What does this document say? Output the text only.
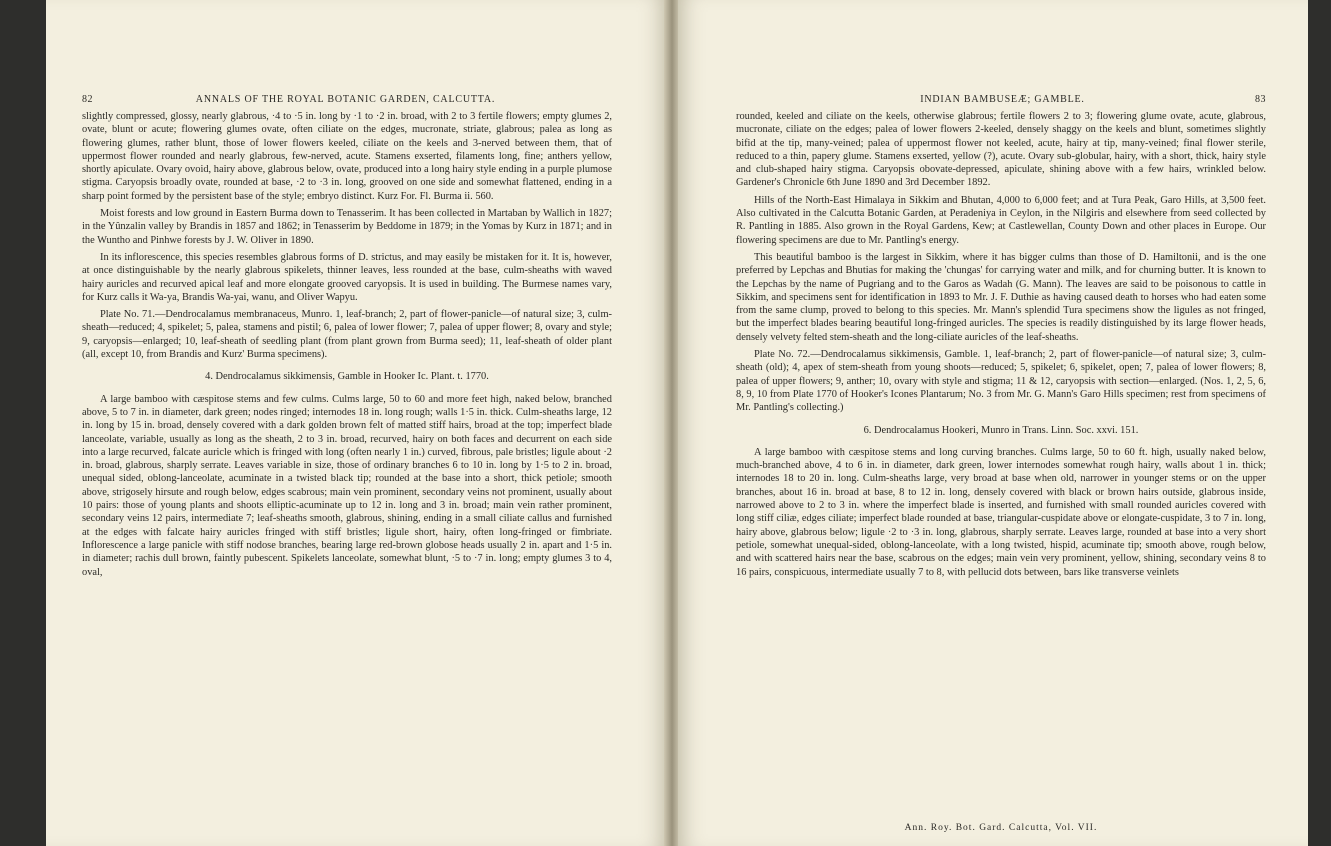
82	ANNALS OF THE ROYAL BOTANIC GARDEN, CALCUTTA.

slightly compressed, glossy, nearly glabrous, ·4 to ·5 in. long by ·1 to ·2 in. broad, with 2 to 3 fertile flowers; empty glumes 2, ovate, blunt or acute; flowering glumes ovate, often ciliate on the edges, mucronate, striate, glabrous; palea as long as flowering glumes, rather blunt, those of lower flowers keeled, ciliate on the keels and 3-nerved between them, that of uppermost flower rounded and nearly glabrous, few-nerved, acute. Stamens exserted, filaments long, fine; anthers yellow, shortly apiculate. Ovary ovoid, hairy above, glabrous below, ovate, produced into a long hairy style ending in a purple plumose stigma. Caryopsis broadly ovate, rounded at base, ·2 to ·3 in. long, grooved on one side and somewhat flattened, ending in a sharp point formed by the persistent base of the style; embryo distinct. Kurz For. Fl. Burma ii. 560.

Moist forests and low ground in Eastern Burma down to Tenasserim. It has been collected in Martaban by Wallich in 1827; in the Yûnzalin valley by Brandis in 1857 and 1862; in Tenasserim by Beddome in 1879; in the Yomas by Kurz in 1871; and in the Wuntho and Pinhwe forests by J. W. Oliver in 1890.

In its inflorescence, this species resembles glabrous forms of D. strictus, and may easily be mistaken for it. It is, however, at once distinguishable by the nearly glabrous spikelets, thinner leaves, less rounded at the base, culm-sheaths with waved hairy auricles and recurved apical leaf and more elongate grooved caryopsis. It is used in building. The Burmese names vary, for Kurz calls it Wa-ya, Brandis Wa-yai, wanu, and Oliver Wapyu.

Plate No. 71.—Dendrocalamus membranaceus, Munro. 1, leaf-branch; 2, part of flower-panicle—of natural size; 3, culm-sheath—reduced; 4, spikelet; 5, palea, stamens and pistil; 6, palea of lower flower; 7, palea of upper flower; 8, ovary and style; 9, caryopsis—enlarged; 10, leaf-sheath of seedling plant (from plant grown from Burma seed); 11, leaf-sheath of older plant (all, except 10, from Brandis and Kurz' Burma specimens).

4. Dendrocalamus sikkimensis, Gamble in Hooker Ic. Plant. t. 1770.

A large bamboo with cæspitose stems and few culms. Culms large, 50 to 60 and more feet high, naked below, branched above, 5 to 7 in. in diameter, dark green; nodes ringed; internodes 18 in. long rough; walls 1·5 in. thick. Culm-sheaths large, 12 in. long by 15 in. broad, densely covered with a dark golden brown felt of matted stiff hairs, broad at the top; imperfect blade lanceolate, variable, usually as long as the sheath, 2 to 3 in. broad, recurved, hairy on both faces and decurrent on each side into a large recurved, falcate auricle which is fringed with long (often nearly 1 in.) curved, fibrous, pale bristles; ligule about ·2 in. broad, glabrous, sharply serrate. Leaves variable in size, those of ordinary branches 6 to 10 in. long by 1·5 to 2 in. broad, unequal sided, oblong-lanceolate, acuminate in a twisted black tip; rounded at the base into a short, thick petiole; smooth above, strigosely hirsute and rough below, edges scabrous; main vein prominent, secondary veins not prominent, usually about 10 pairs: those of young plants and shoots elliptic-acuminate up to 12 in. long and 3 in. broad; main vein rather prominent, secondary veins 12 pairs, intermediate 7; leaf-sheaths smooth, glabrous, shining, ending in a small ciliate callus and furnished at the edges with falcate hairy auricles fringed with stiff bristles; ligule short, hairy, often long-fringed or fimbriate. Inflorescence a large panicle with stiff nodose branches, bearing large red-brown globose heads usually 2 in. apart and 1·5 in. in diameter; rachis dull brown, faintly pubescent. Spikelets lanceolate, somewhat blunt, ·5 to ·7 in. long; empty glumes 3 to 4, oval,

INDIAN BAMBUSEÆ; GAMBLE.	83

rounded, keeled and ciliate on the keels, otherwise glabrous; fertile flowers 2 to 3; flowering glume ovate, acute, glabrous, mucronate, ciliate on the edges; palea of lower flowers 2-keeled, densely shaggy on the keels and blunt, sometimes slightly bifid at the tip, many-veined; palea of uppermost flower not keeled, acute, hairy at tip, many-veined; final flower sterile, reduced to a thin, papery glume. Stamens exserted, yellow (?), acute. Ovary sub-globular, hairy, with a short, thick, hairy style and club-shaped hairy stigma. Caryopsis obovate-depressed, apiculate, shining above with a few hairs, wrinkled below. Gardener's Chronicle 6th June 1890 and 3rd December 1892.

Hills of the North-East Himalaya in Sikkim and Bhutan, 4,000 to 6,000 feet; and at Tura Peak, Garo Hills, at 3,500 feet. Also cultivated in the Calcutta Botanic Garden, at Peradeniya in Ceylon, in the Nilgiris and elsewhere from seed collected by R. Pantling in 1885. Also grown in the Royal Gardens, Kew; at Castlewellan, County Down and other places in Europe. Our flowering specimens are due to Mr. Pantling's energy.

This beautiful bamboo is the largest in Sikkim, where it has bigger culms than those of D. Hamiltonii, and is the one preferred by Lepchas and Bhutias for making the 'chungas' for carrying water and milk, and for churning butter. It is known to the Lepchas by the name of Pugriang and to the Garos as Wadah (G. Mann). The leaves are said to be poisonous to cattle in Sikkim, and specimens sent for identification in 1893 to Mr. J. F. Duthie as having caused death to horses who had eaten some from the same clump, proved to belong to this species. Mr. Mann's splendid Tura specimens show the ligules as not fringed, but the imperfect blades bearing beautiful long-fringed auricles. The species is readily distinguished by its large flower heads, densely velvety felted stem-sheath and the long-ciliate auricles of the leaf-sheaths.

Plate No. 72.—Dendrocalamus sikkimensis, Gamble. 1, leaf-branch; 2, part of flower-panicle—of natural size; 3, culm-sheath (old); 4, apex of stem-sheath from young shoots—reduced; 5, spikelet; 6, spikelet, open; 7, palea of lower flowers; 8, palea of upper flowers; 9, anther; 10, ovary with style and stigma; 11 & 12, caryopsis with section—enlarged. (Nos. 1, 2, 5, 6, 8, 9, 10 from Plate 1770 of Hooker's Icones Plantarum; No. 3 from Mr. G. Mann's Garo Hills specimen; rest from specimens of Mr. Pantling's collecting.)

6. Dendrocalamus Hookeri, Munro in Trans. Linn. Soc. xxvi. 151.

A large bamboo with cæspitose stems and long curving branches. Culms large, 50 to 60 ft. high, usually naked below, much-branched above, 4 to 6 in. in diameter, dark green, lower internodes somewhat rough hairy, walls about 1 in. thick; internodes 18 to 20 in. long. Culm-sheaths large, very broad at base when old, narrower in younger stems or on the upper branches, about 16 in. broad at base, 8 to 12 in. long, densely covered with black or brown hairs outside, glabrous inside, narrowed above to 2 to 3 in. where the imperfect blade is inserted, and furnished with small rounded auricles covered with long stiff ciliæ, edges ciliate; imperfect blade rounded at base, triangular-cuspidate above or elongate-cuspidate, 3 to 7 in. long, hairy above, glabrous below; ligule ·2 to ·3 in. long, glabrous, sharply serrate. Leaves large, rounded at base into a very short petiole, somewhat unequal-sided, oblong-lanceolate, with a long twisted, hispid, acuminate tip; smooth above, rough below, and with scattered hairs near the base, scabrous on the edges; main vein very prominent, yellow, shining, secondary veins 8 to 16 pairs, conspicuous, intermediate usually 7 to 8, with pellucid dots between, bars like transverse veinlets

Ann. Roy. Bot. Gard. Calcutta, Vol. VII.
